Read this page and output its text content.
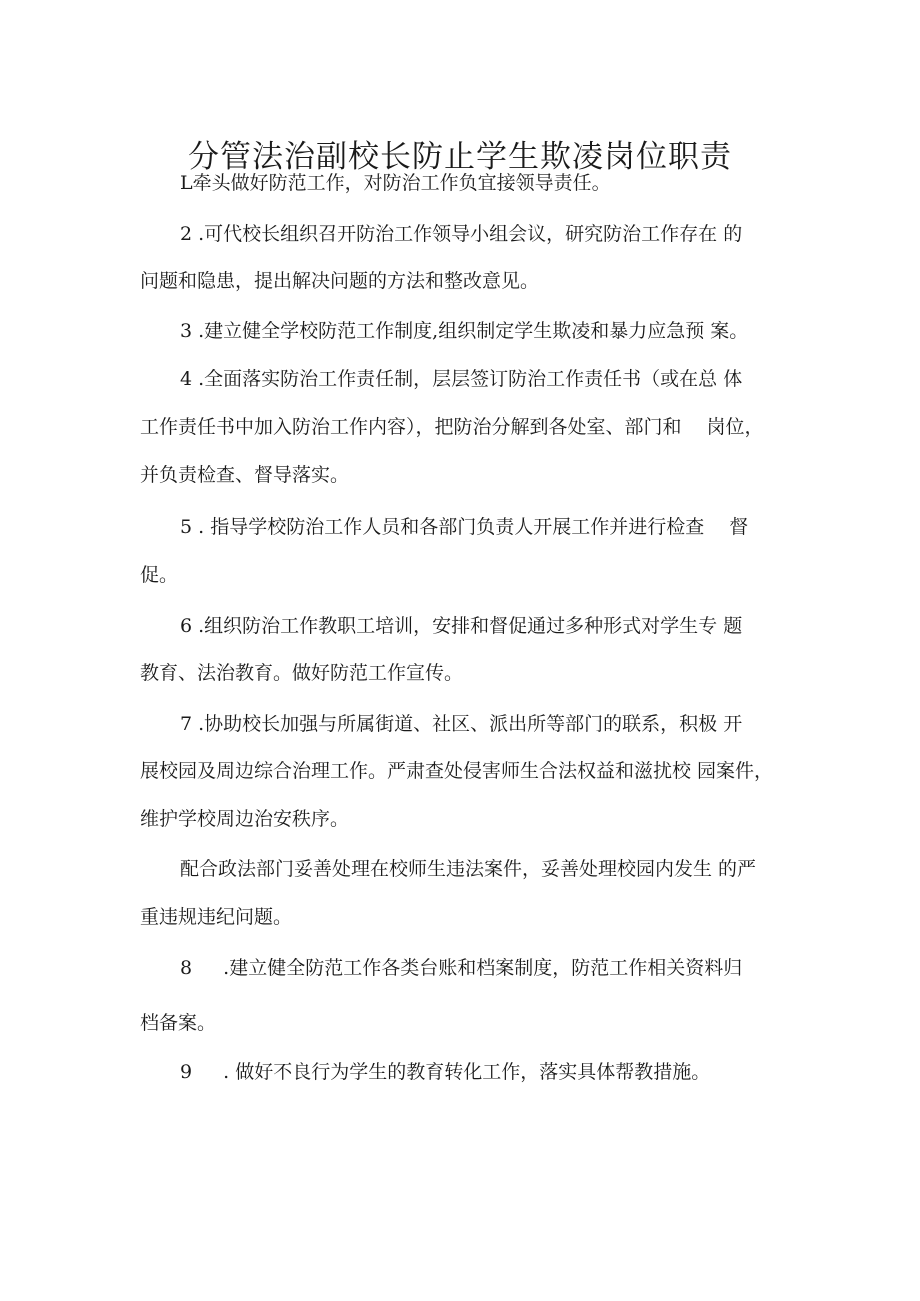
分管法治副校长防止学生欺凌岗位职责
L牵头做好防范工作，对防治工作负宜接领导责任。
2 .可代校长组织召开防治工作领导小组会议，研究防治工作存在 的
问题和隐患，提出解决问题的方法和整改意见。
3 .建立健全学校防范工作制度,组织制定学生欺凌和暴力应急预 案。
4 .全面落实防治工作责任制，层层签订防治工作责任书（或在总 体
工作责任书中加入防治工作内容），把防治分解到各处室、部门和　 岗位，
并负责检查、督导落实。
5 . 指导学校防治工作人员和各部门负责人开展工作并进行检查　 督
促。
6 .组织防治工作教职工培训，安排和督促通过多种形式对学生专 题
教育、法治教育。做好防范工作宣传。
7 .协助校长加强与所属街道、社区、派出所等部门的联系，积极 开
展校园及周边综合治理工作。严肃查处侵害师生合法权益和滋扰校 园案件，
维护学校周边治安秩序。
配合政法部门妥善处理在校师生违法案件，妥善处理校园内发生 的严
重违规违纪问题。
8 　 .建立健全防范工作各类台账和档案制度，防范工作相关资料归
档备案。
9 　 . 做好不良行为学生的教育转化工作，落实具体帮教措施。
